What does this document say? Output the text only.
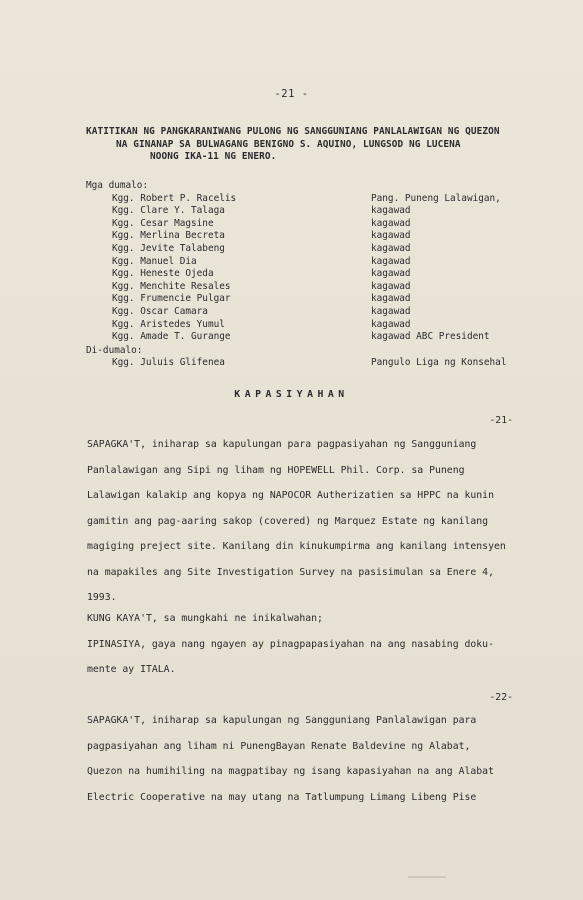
-21 -
KATITIKAN NG PANGKARANIWANG PULONG NG SANGGUNIANG PANLALAWIGAN NG QUEZON
NA GINANAP SA BULWAGANG BENIGNO S. AQUINO, LUNGSOD NG LUCENA
NOONG IKA-11 NG ENERO.
Mga dumalo:
Kgg. Robert P. Racelis	Pang. Puneng Lalawigan,
Kgg. Clare Y. Talaga	kagawad
Kgg. Cesar Magsine	kagawad
Kgg. Merlina Becreta	kagawad
Kgg. Jevite Talabeng	kagawad
Kgg. Manuel Dia	kagawad
Kgg. Heneste Ojeda	kagawad
Kgg. Menchite Resales	kagawad
Kgg. Frumencie Pulgar	kagawad
Kgg. Oscar Camara	kagawad
Kgg. Aristedes Yumul	kagawad
Kgg. Amade T. Gurange	kagawad ABC President
Di-dumalo:
Kgg. Juluis Glifenea	Pangulo Liga ng Konsehal
KAPASIYAHAN
-21-
SAPAGKA'T, iniharap sa kapulungan para pagpasiyahan ng Sangguniang
Panlalawigan ang Sipi ng liham ng HOPEWELL Phil. Corp. sa Puneng
Lalawigan kalakip ang kopya ng NAPOCOR Autherizatien sa HPPC na kunin
gamitin ang pag-aaring sakop (covered) ng Marquez Estate ng kanilang
magiging preject site. Kanilang din kinukumpirma ang kanilang intensyen
na mapakiles ang Site Investigation Survey na pasisimulan sa Enere 4,
1993.
KUNG KAYA'T, sa mungkahi ne inikalwahan;
IPINASIYA, gaya nang ngayen ay pinagpapasiyahan na ang nasabing doku-
mente ay ITALA.
-22-
SAPAGKA'T, iniharap sa kapulungan ng Sangguniang Panlalawigan para
pagpasiyahan ang liham ni PunengBayan Renate Baldevine ng Alabat,
Quezon na humihiling na magpatibay ng isang kapasiyahan na ang Alabat
Electric Cooperative na may utang na Tatlumpung Limang Libeng Pise
